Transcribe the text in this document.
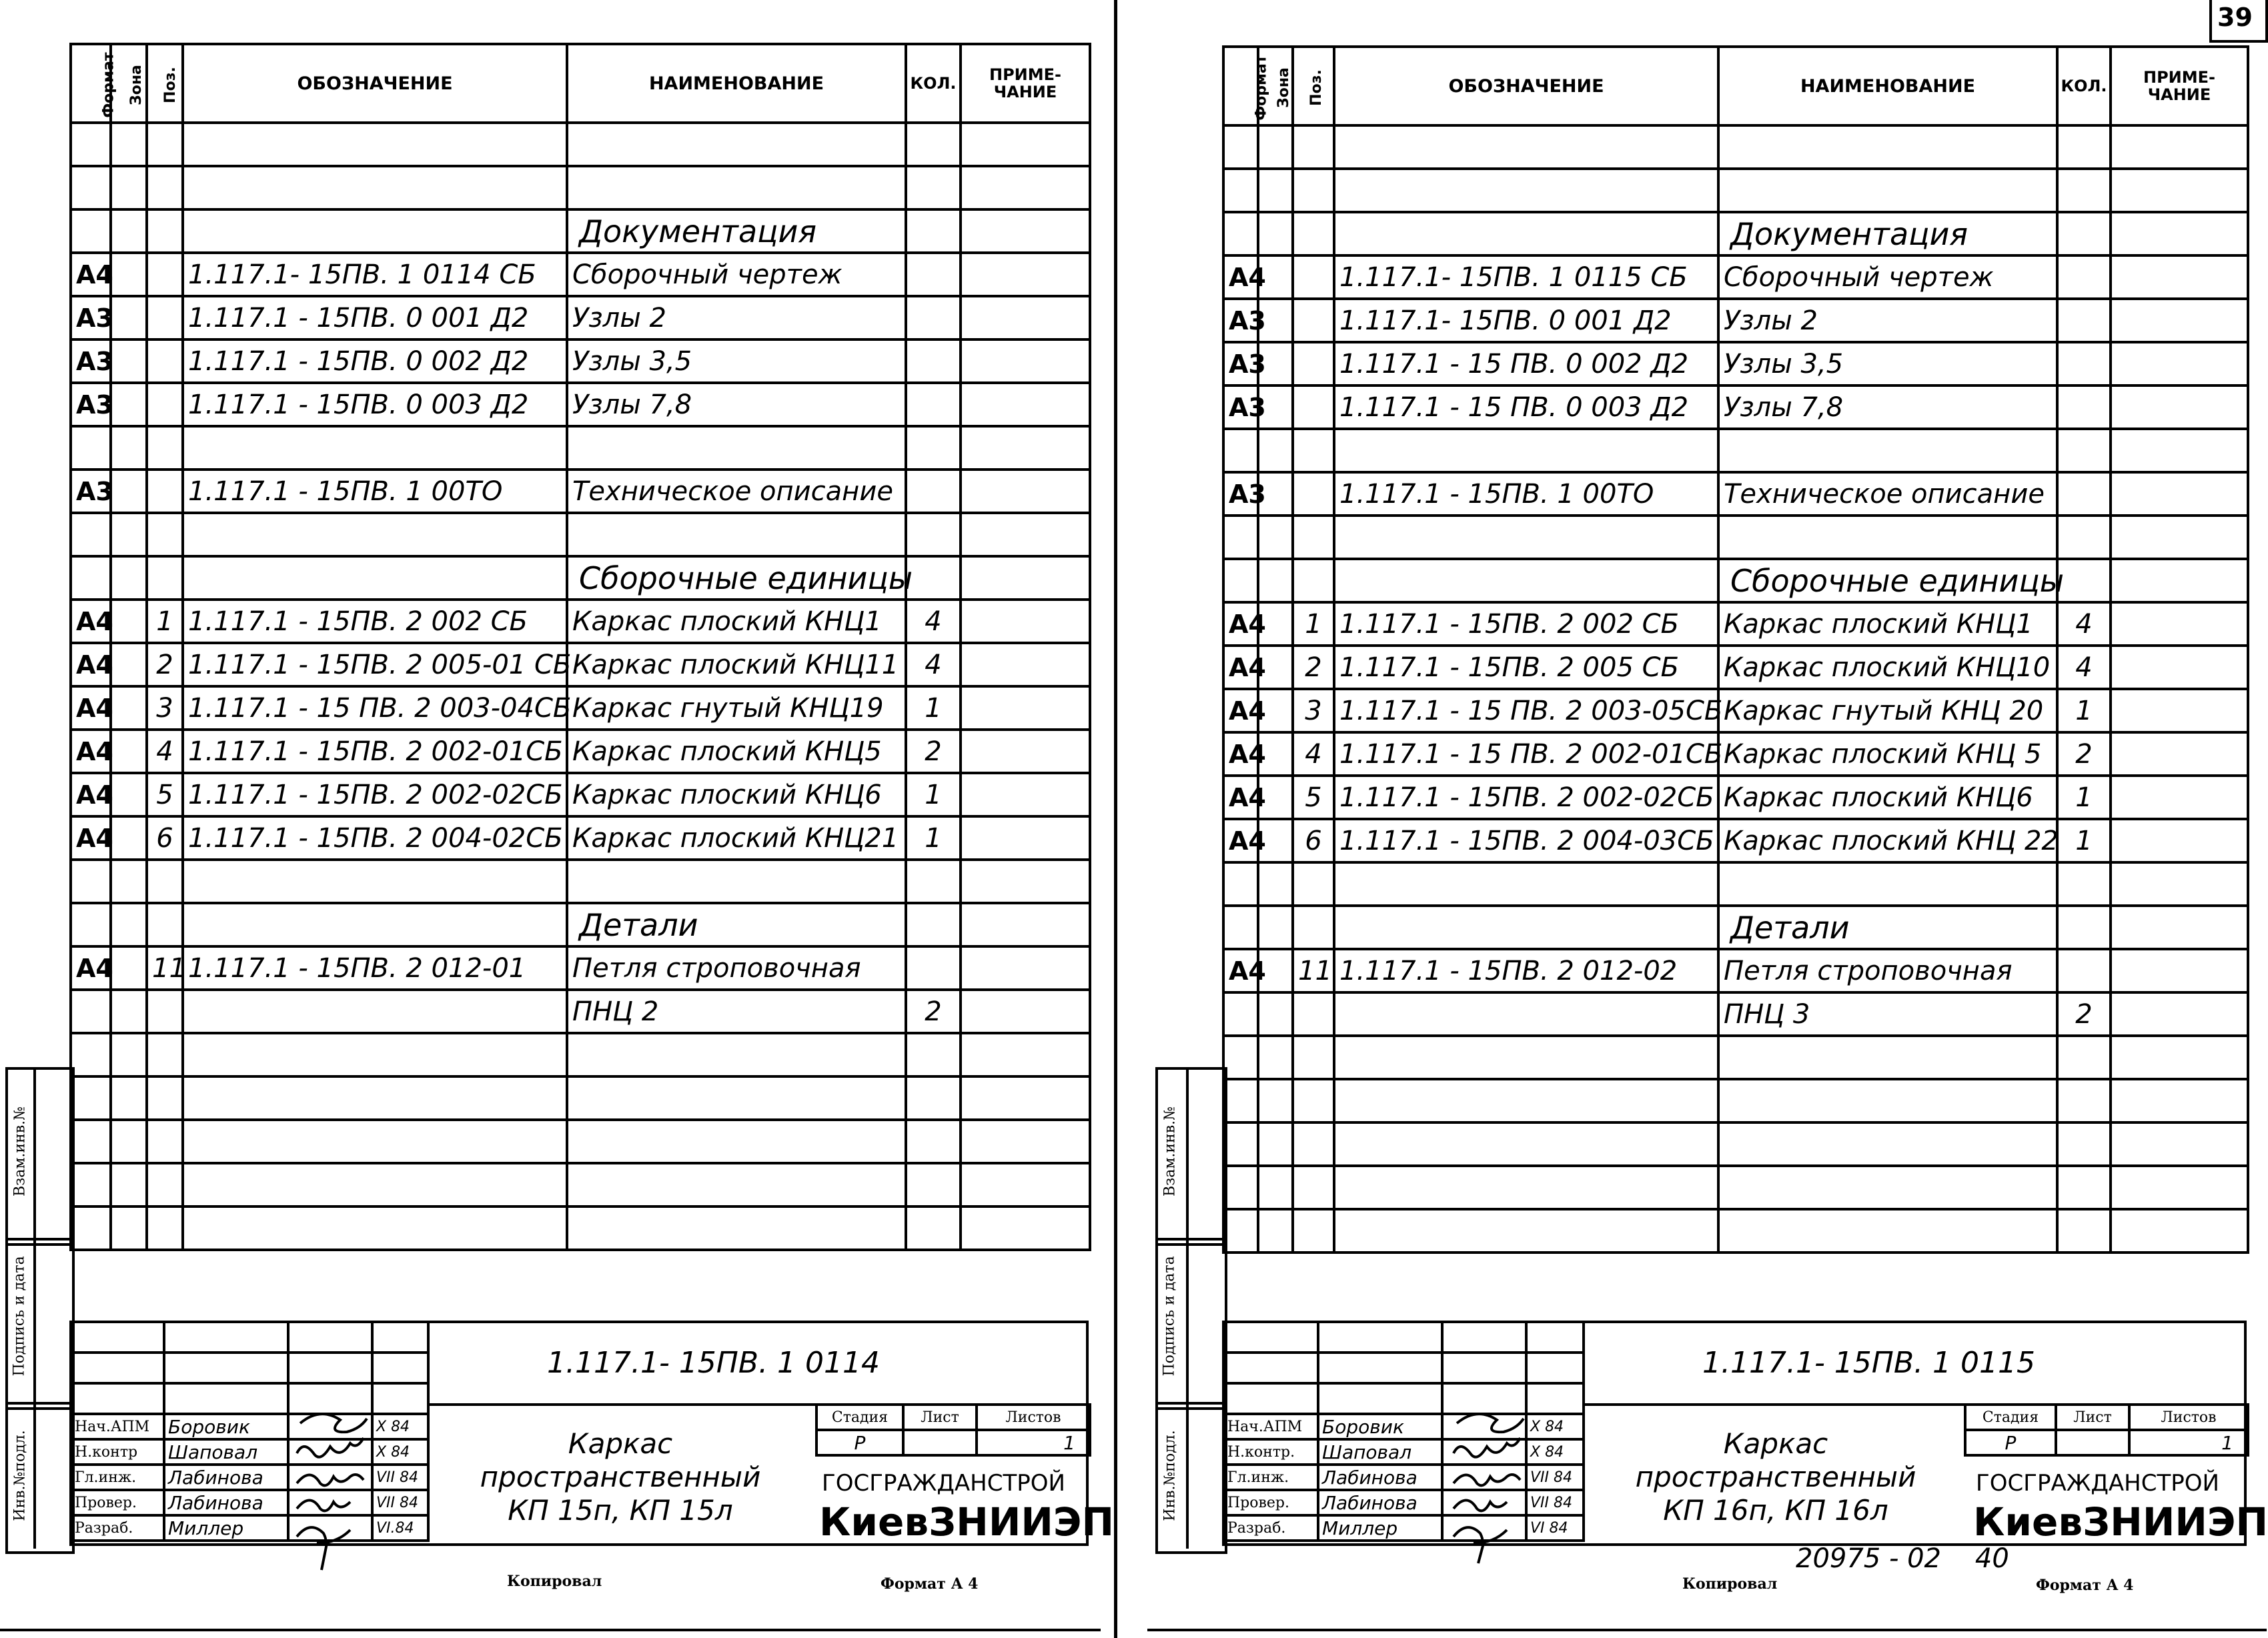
39
Взам.инв.№
Подпись и дата
Инв.№подл.
Формат	Зона	Поз.	ОБОЗНАЧЕНИЕ	НАИМЕНОВАНИЕ	КОЛ.	ПРИМЕ-ЧАНИЕ

				Документация		
А4			1.117.1- 15ПВ. 1 0114 СБ	Сборочный чертеж		
А3			1.117.1 - 15ПВ. 0 001 Д2	Узлы 2		
А3			1.117.1 - 15ПВ. 0 002 Д2	Узлы 3,5		
А3			1.117.1 - 15ПВ. 0 003 Д2	Узлы 7,8		

А3			1.117.1 - 15ПВ. 1 00ТО	Техническое описание		

				Сборочные единицы		
А4		1	1.117.1 - 15ПВ. 2 002 СБ	Каркас плоский КНЦ1	4	
А4		2	1.117.1 - 15ПВ. 2 005-01 СБ	Каркас плоский КНЦ11	4	
А4		3	1.117.1 - 15 ПВ. 2 003-04СБ	Каркас гнутый КНЦ19	1	
А4		4	1.117.1 - 15ПВ. 2 002-01СБ	Каркас плоский КНЦ5	2	
А4		5	1.117.1 - 15ПВ. 2 002-02СБ	Каркас плоский КНЦ6	1	
А4		6	1.117.1 - 15ПВ. 2 004-02СБ	Каркас плоский КНЦ21	1	

				Детали		
А4		11	1.117.1 - 15ПВ. 2 012-01	Петля строповочная		
				ПНЦ 2	2	

Нач.АПМ	Боровик		X 84
Н.контр	Шаповал		X 84
Гл.инж.	Лабинова		VII 84
Провер.	Лабинова		VII 84
Разраб.	Миллер		VI.84
1.117.1- 15ПВ. 1 0114
Каркас
пространственный
КП 15п, КП 15л
Стадия	Лист	Листов
Р		1
ГОСГРАЖДАНСТРОЙ
КиевЗНИИЭП
Копировал	Формат А 4
Взам.инв.№
Подпись и дата
Инв.№подл.
Формат	Зона	Поз.	ОБОЗНАЧЕНИЕ	НАИМЕНОВАНИЕ	КОЛ.	ПРИМЕ-ЧАНИЕ

				Документация		
А4			1.117.1- 15ПВ. 1 0115 СБ	Сборочный чертеж		
А3			1.117.1- 15ПВ. 0 001 Д2	Узлы 2		
А3			1.117.1 - 15 ПВ. 0 002 Д2	Узлы 3,5		
А3			1.117.1 - 15 ПВ. 0 003 Д2	Узлы 7,8		

А3			1.117.1 - 15ПВ. 1 00ТО	Техническое описание		

				Сборочные единицы		
А4		1	1.117.1 - 15ПВ. 2 002 СБ	Каркас плоский КНЦ1	4	
А4		2	1.117.1 - 15ПВ. 2 005 СБ	Каркас плоский КНЦ10	4	
А4		3	1.117.1 - 15 ПВ. 2 003-05СБ	Каркас гнутый КНЦ 20	1	
А4		4	1.117.1 - 15 ПВ. 2 002-01СБ	Каркас плоский КНЦ 5	2	
А4		5	1.117.1 - 15ПВ. 2 002-02СБ	Каркас плоский КНЦ6	1	
А4		6	1.117.1 - 15ПВ. 2 004-03СБ	Каркас плоский КНЦ 22	1	

				Детали		
А4		11	1.117.1 - 15ПВ. 2 012-02	Петля строповочная		
				ПНЦ 3	2	

Нач.АПМ	Боровик		X 84
Н.контр.	Шаповал		X 84
Гл.инж.	Лабинова		VII 84
Провер.	Лабинова		VII 84
Разраб.	Миллер		VI 84
1.117.1- 15ПВ. 1 0115
Каркас
пространственный
КП 16п, КП 16л
Стадия	Лист	Листов
Р		1
ГОСГРАЖДАНСТРОЙ
КиевЗНИИЭП
20975 - 02    40
Копировал	Формат А 4
